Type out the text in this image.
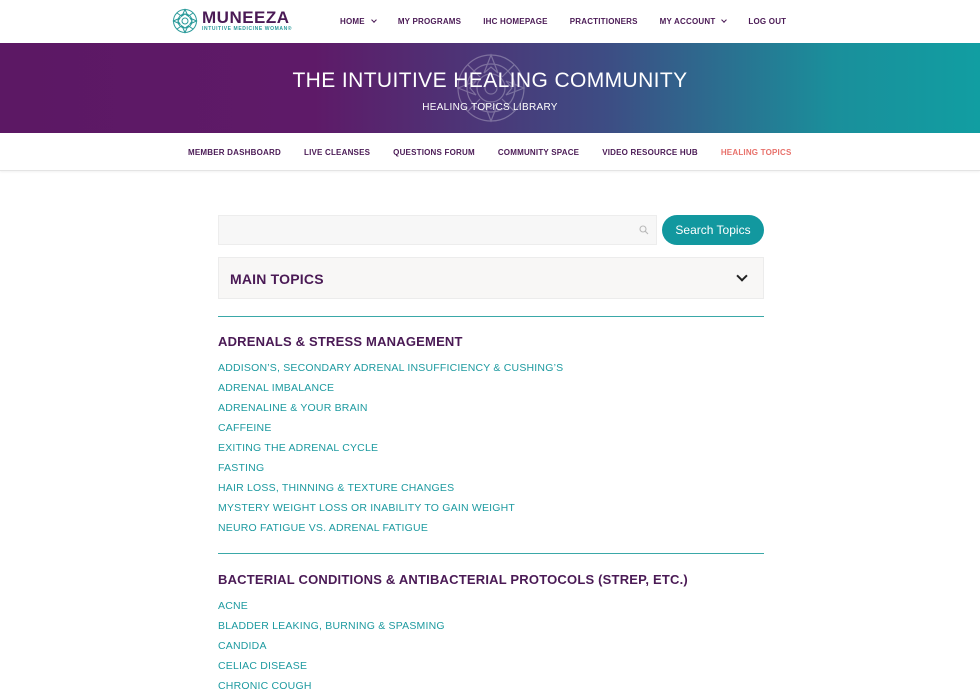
MUNEEZA
INTUITIVE MEDICINE WOMAN®
HOME	MY PROGRAMS	IHC HOMEPAGE	PRACTITIONERS	MY ACCOUNT	LOG OUT
THE INTUITIVE HEALING COMMUNITY
HEALING TOPICS LIBRARY
MEMBER DASHBOARD	LIVE CLEANSES	QUESTIONS FORUM	COMMUNITY SPACE	VIDEO RESOURCE HUB	HEALING TOPICS
Search Topics
MAIN TOPICS
ADRENALS & STRESS MANAGEMENT
ADDISON’S, SECONDARY ADRENAL INSUFFICIENCY & CUSHING’S
ADRENAL IMBALANCE
ADRENALINE & YOUR BRAIN
CAFFEINE
EXITING THE ADRENAL CYCLE
FASTING
HAIR LOSS, THINNING & TEXTURE CHANGES
MYSTERY WEIGHT LOSS OR INABILITY TO GAIN WEIGHT
NEURO FATIGUE VS. ADRENAL FATIGUE
BACTERIAL CONDITIONS & ANTIBACTERIAL PROTOCOLS (STREP, ETC.)
ACNE
BLADDER LEAKING, BURNING & SPASMING
CANDIDA
CELIAC DISEASE
CHRONIC COUGH
